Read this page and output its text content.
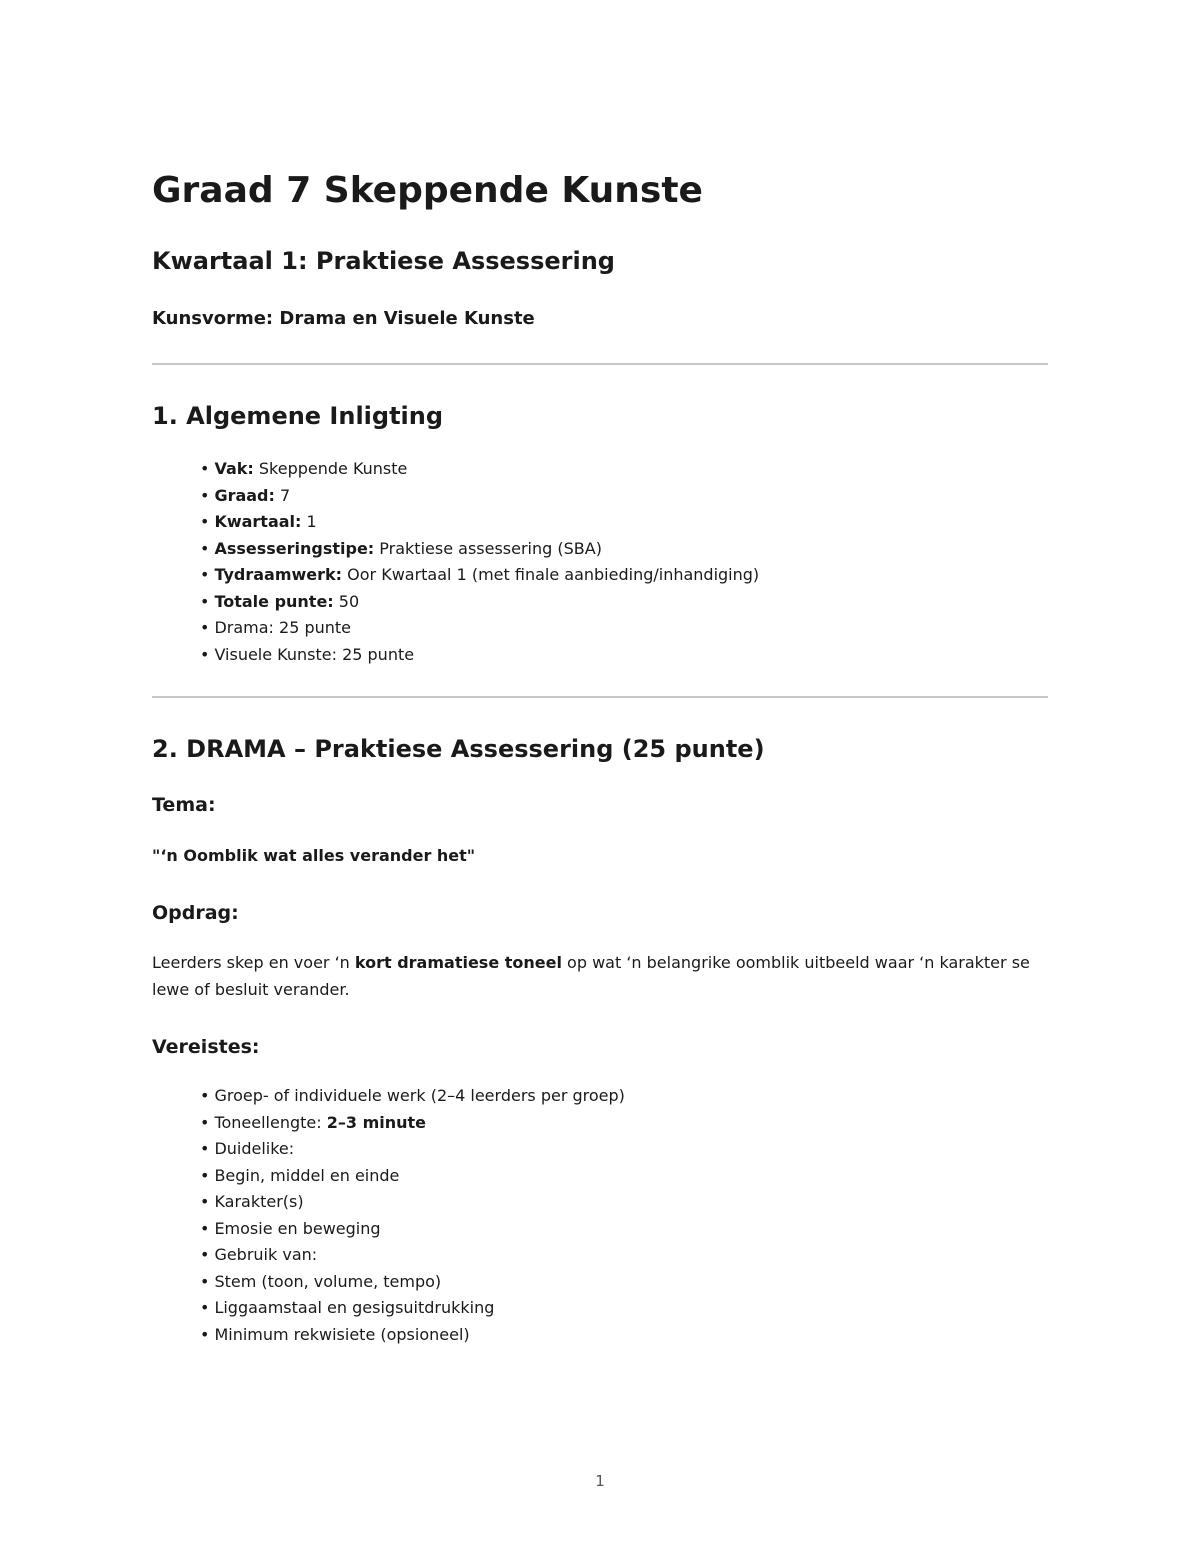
Graad 7 Skeppende Kunste
Kwartaal 1: Praktiese Assessering

Kunsvorme: Drama en Visuele Kunste

1. Algemene Inligting
• Vak: Skeppende Kunste
• Graad: 7
• Kwartaal: 1
• Assesseringstipe: Praktiese assessering (SBA)
• Tydraamwerk: Oor Kwartaal 1 (met finale aanbieding/inhandiging)
• Totale punte: 50
• Drama: 25 punte
• Visuele Kunste: 25 punte
2. DRAMA – Praktiese Assessering (25 punte)
Tema:

"‘n Oomblik wat alles verander het"

Opdrag:

Leerders skep en voer ‘n kort dramatiese toneel op wat ‘n belangrike oomblik uitbeeld waar ‘n karakter se lewe of besluit verander.

Vereistes:
• Groep- of individuele werk (2–4 leerders per groep)
• Toneellengte: 2–3 minute
• Duidelike:
• Begin, middel en einde
• Karakter(s)
• Emosie en beweging
• Gebruik van:
• Stem (toon, volume, tempo)
• Liggaamstaal en gesigsuitdrukking
• Minimum rekwisiete (opsioneel)

1
